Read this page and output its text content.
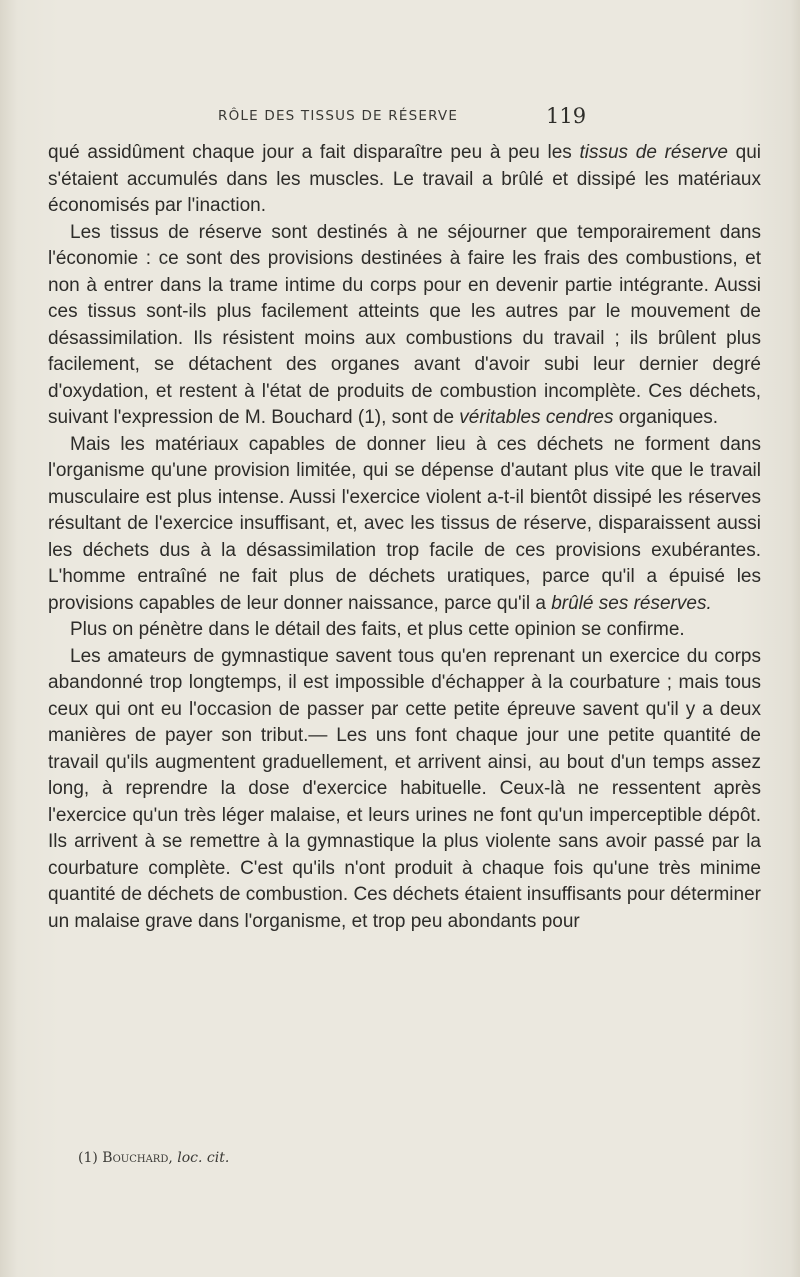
RÔLE DES TISSUS DE RÉSERVE	119

qué assidûment chaque jour a fait disparaître peu à peu les tissus de réserve qui s'étaient accumulés dans les muscles. Le travail a brûlé et dissipé les matériaux économisés par l'inaction.

Les tissus de réserve sont destinés à ne séjourner que temporairement dans l'économie : ce sont des provisions destinées à faire les frais des combustions, et non à entrer dans la trame intime du corps pour en devenir partie intégrante. Aussi ces tissus sont-ils plus facilement atteints que les autres par le mouvement de désassimilation. Ils résistent moins aux combustions du travail ; ils brûlent plus facilement, se détachent des organes avant d'avoir subi leur dernier degré d'oxydation, et restent à l'état de produits de combustion incomplète. Ces déchets, suivant l'expression de M. Bouchard (1), sont de véritables cendres organiques.

Mais les matériaux capables de donner lieu à ces déchets ne forment dans l'organisme qu'une provision limitée, qui se dépense d'autant plus vite que le travail musculaire est plus intense. Aussi l'exercice violent a-t-il bientôt dissipé les réserves résultant de l'exercice insuffisant, et, avec les tissus de réserve, disparaissent aussi les déchets dus à la désassimilation trop facile de ces provisions exubérantes. L'homme entraîné ne fait plus de déchets uratiques, parce qu'il a épuisé les provisions capables de leur donner naissance, parce qu'il a brûlé ses réserves.

Plus on pénètre dans le détail des faits, et plus cette opinion se confirme.

Les amateurs de gymnastique savent tous qu'en reprenant un exercice du corps abandonné trop longtemps, il est impossible d'échapper à la courbature ; mais tous ceux qui ont eu l'occasion de passer par cette petite épreuve savent qu'il y a deux manières de payer son tribut.— Les uns font chaque jour une petite quantité de travail qu'ils augmentent graduellement, et arrivent ainsi, au bout d'un temps assez long, à reprendre la dose d'exercice habituelle. Ceux-là ne ressentent après l'exercice qu'un très léger malaise, et leurs urines ne font qu'un imperceptible dépôt. Ils arrivent à se remettre à la gymnastique la plus violente sans avoir passé par la courbature complète. C'est qu'ils n'ont produit à chaque fois qu'une très minime quantité de déchets de combustion. Ces déchets étaient insuffisants pour déterminer un malaise grave dans l'organisme, et trop peu abondants pour

(1) Bouchard, loc. cit.
